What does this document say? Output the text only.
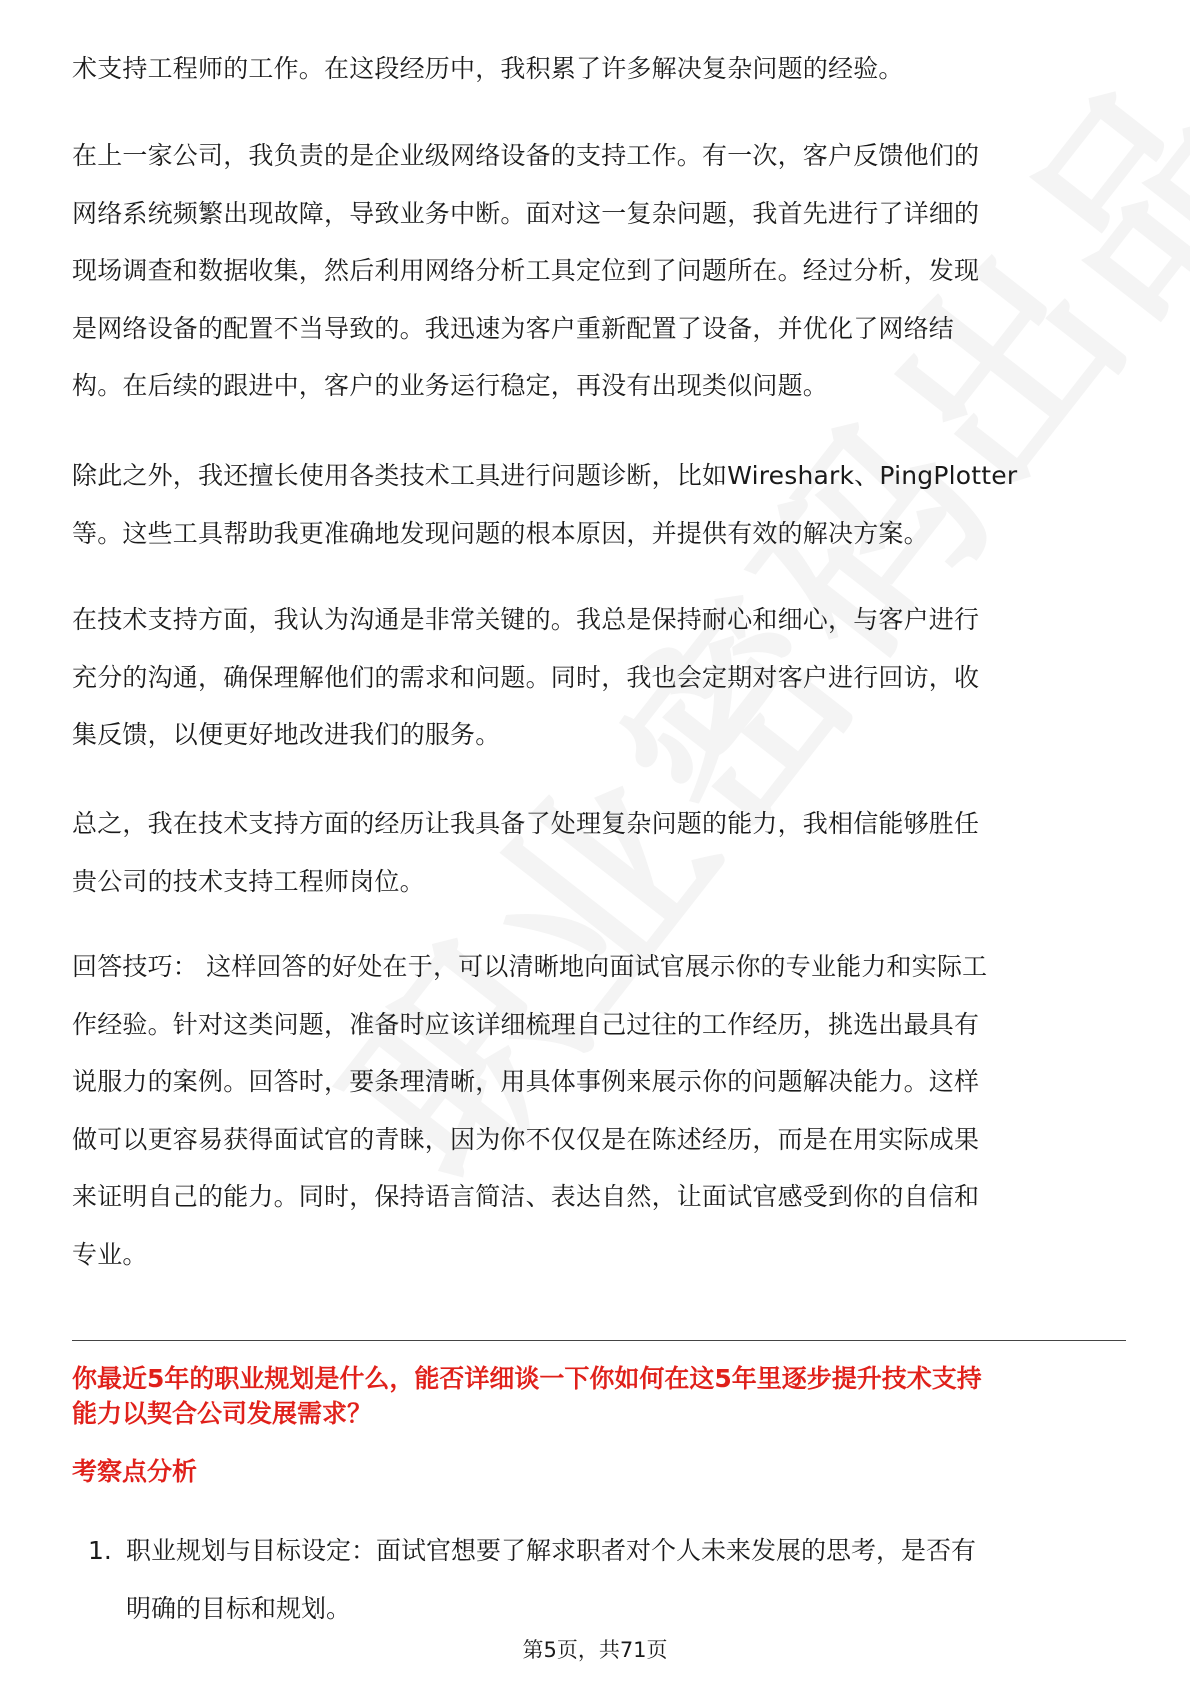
术支持工程师的工作。在这段经历中，我积累了许多解决复杂问题的经验。

在上一家公司，我负责的是企业级网络设备的支持工作。有一次，客户反馈他们的
网络系统频繁出现故障，导致业务中断。面对这一复杂问题，我首先进行了详细的
现场调查和数据收集，然后利用网络分析工具定位到了问题所在。经过分析，发现
是网络设备的配置不当导致的。我迅速为客户重新配置了设备，并优化了网络结
构。在后续的跟进中，客户的业务运行稳定，再没有出现类似问题。

除此之外，我还擅长使用各类技术工具进行问题诊断，比如Wireshark、PingPlotter
等。这些工具帮助我更准确地发现问题的根本原因，并提供有效的解决方案。

在技术支持方面，我认为沟通是非常关键的。我总是保持耐心和细心，与客户进行
充分的沟通，确保理解他们的需求和问题。同时，我也会定期对客户进行回访，收
集反馈，以便更好地改进我们的服务。

总之，我在技术支持方面的经历让我具备了处理复杂问题的能力，我相信能够胜任
贵公司的技术支持工程师岗位。

回答技巧： 这样回答的好处在于，可以清晰地向面试官展示你的专业能力和实际工
作经验。针对这类问题，准备时应该详细梳理自己过往的工作经历，挑选出最具有
说服力的案例。回答时，要条理清晰，用具体事例来展示你的问题解决能力。这样
做可以更容易获得面试官的青睐，因为你不仅仅是在陈述经历，而是在用实际成果
来证明自己的能力。同时，保持语言简洁、表达自然，让面试官感受到你的自信和
专业。

你最近5年的职业规划是什么，能否详细谈一下你如何在这5年里逐步提升技术支持
能力以契合公司发展需求？
考察点分析
1. 职业规划与目标设定：面试官想要了解求职者对个人未来发展的思考，是否有
明确的目标和规划。
第5页，共71页
